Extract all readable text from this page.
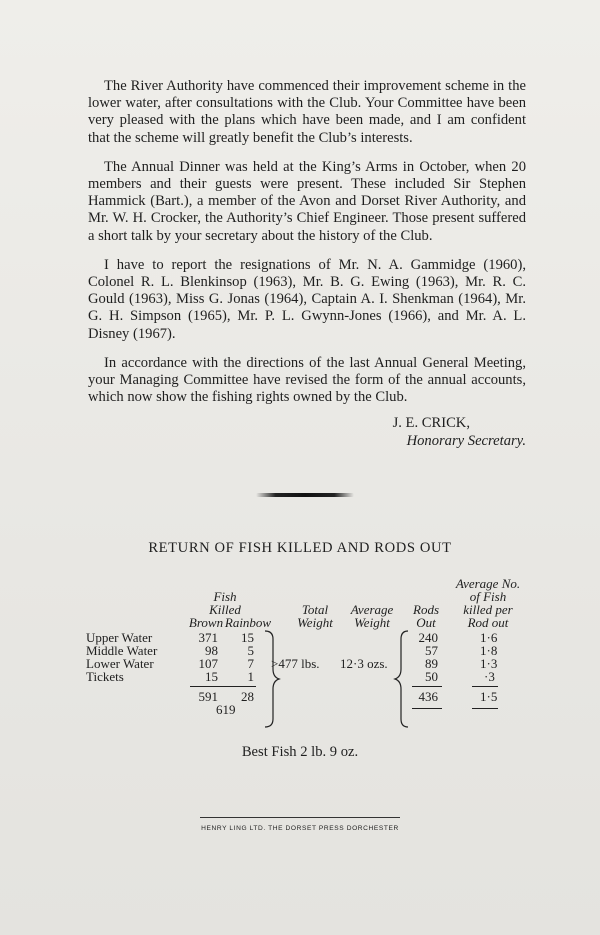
The River Authority have commenced their improvement scheme in the lower water, after consultations with the Club. Your Committee have been very pleased with the plans which have been made, and I am confident that the scheme will greatly benefit the Club’s interests.

The Annual Dinner was held at the King’s Arms in October, when 20 members and their guests were present. These included Sir Stephen Hammick (Bart.), a member of the Avon and Dorset River Authority, and Mr. W. H. Crocker, the Authority’s Chief Engineer. Those present suffered a short talk by your secretary about the history of the Club.

I have to report the resignations of Mr. N. A. Gammidge (1960), Colonel R. L. Blenkinsop (1963), Mr. B. G. Ewing (1963), Mr. R. C. Gould (1963), Miss G. Jonas (1964), Captain A. I. Shenkman (1964), Mr. G. H. Simpson (1965), Mr. P. L. Gwynn-Jones (1966), and Mr. A. L. Disney (1967).

In accordance with the directions of the last Annual General Meeting, your Managing Committee have revised the form of the annual accounts, which now show the fishing rights owned by the Club.

J. E. CRICK,
Honorary Secretary.
RETURN OF FISH KILLED AND RODS OUT
Fish
Killed
Brown Rainbow
Total
Weight
Average
Weight
Rods
Out
Average No.
of Fish
killed per
Rod out
Upper Water
Middle Water
Lower Water
Tickets
371
98
107
15
15
5
7
1
591	28
619
>477 lbs. 12·3 ozs.
240
57
89
50
1·6
1·8
1·3
·3
436	1·5
Best Fish 2 lb. 9 oz.
HENRY LING LTD. THE DORSET PRESS DORCHESTER
